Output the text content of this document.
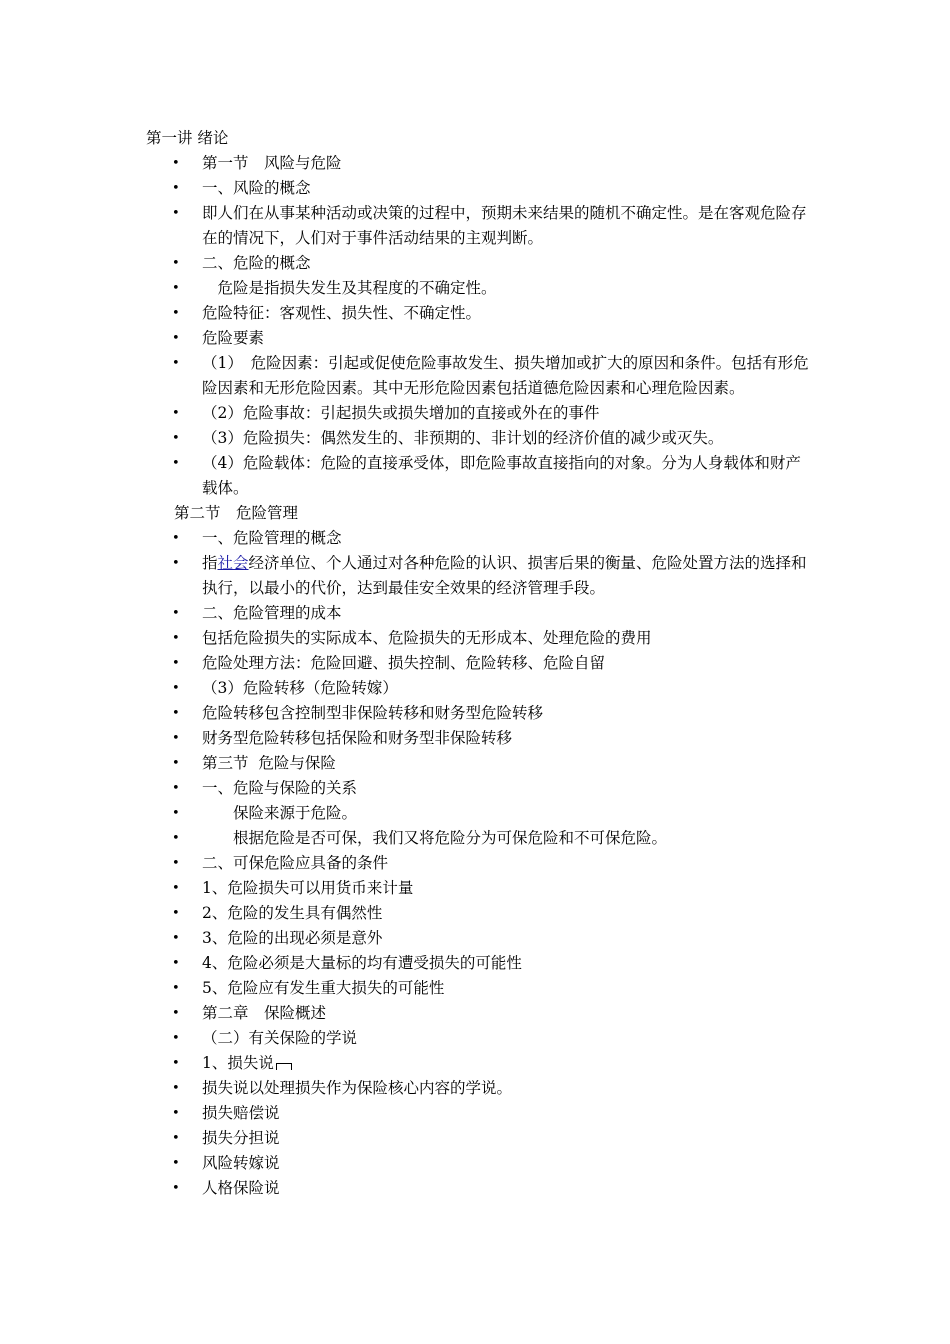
第一讲 绪论
• 第一节　风险与危险
• 一、风险的概念
• 即人们在从事某种活动或决策的过程中，预期未来结果的随机不确定性。是在客观危险存在的情况下，人们对于事件活动结果的主观判断。
• 二、危险的概念
• 　危险是指损失发生及其程度的不确定性。
• 危险特征：客观性、损失性、不确定性。
• 危险要素
• （1）　危险因素：引起或促使危险事故发生、损失增加或扩大的原因和条件。包括有形危险因素和无形危险因素。其中无形危险因素包括道德危险因素和心理危险因素。
• （2）危险事故：引起损失或损失增加的直接或外在的事件
• （3）危险损失：偶然发生的、非预期的、非计划的经济价值的减少或灭失。
• （4）危险载体：危险的直接承受体，即危险事故直接指向的对象。分为人身载体和财产载体。
第二节　危险管理
• 一、危险管理的概念
• 指社会经济单位、个人通过对各种危险的认识、损害后果的衡量、危险处置方法的选择和执行，以最小的代价，达到最佳安全效果的经济管理手段。
• 二、危险管理的成本
• 包括危险损失的实际成本、危险损失的无形成本、处理危险的费用
• 危险处理方法：危险回避、损失控制、危险转移、危险自留
• （3）危险转移（危险转嫁）
• 危险转移包含控制型非保险转移和财务型危险转移
• 财务型危险转移包括保险和财务型非保险转移
• 第三节  危险与保险
• 一、危险与保险的关系
• 　　保险来源于危险。
• 　　根据危险是否可保，我们又将危险分为可保危险和不可保危险。
• 二、可保危险应具备的条件
• 1、危险损失可以用货币来计量
• 2、危险的发生具有偶然性
• 3、危险的出现必须是意外
• 4、危险必须是大量标的均有遭受损失的可能性
• 5、危险应有发生重大损失的可能性
• 第二章　保险概述
• （二）有关保险的学说
• 1、损失说
• 损失说以处理损失作为保险核心内容的学说。
• 损失赔偿说
• 损失分担说
• 风险转嫁说
• 人格保险说
